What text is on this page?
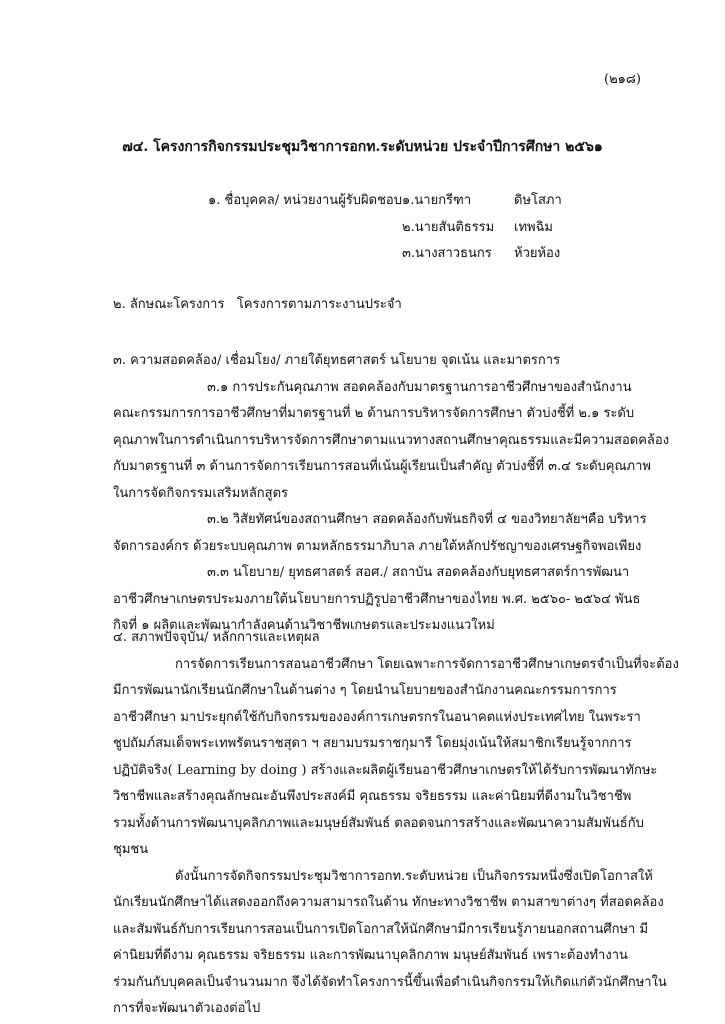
(๒๑๘)
๗๔. โครงการกิจกรรมประชุมวิชาการอกท.ระดับหน่วย ประจำปีการศึกษา ๒๕๖๑
๑. ชื่อบุคคล/ หน่วยงานผู้รับผิดชอบ ๑.นายกรีฑา	ดิษโสภา
๒.นายสันติธรรม	เทพฉิม
๓.นางสาวธนกร	ห้วยห้อง
๒. ลักษณะโครงการ โครงการตามภาระงานประจำ
๓. ความสอดคล้อง/ เชื่อมโยง/ ภายใต้ยุทธศาสตร์ นโยบาย จุดเน้น และมาตรการ
๓.๑ การประกันคุณภาพ สอดคล้องกับมาตรฐานการอาชีวศึกษาของสำนักงาน
คณะกรรมการการอาชีวศึกษาที่มาตรฐานที่ ๒ ด้านการบริหารจัดการศึกษา ตัวบ่งชี้ที่ ๒.๑ ระดับ
คุณภาพในการดำเนินการบริหารจัดการศึกษาตามแนวทางสถานศึกษาคุณธรรมและมีความสอดคล้อง
กับมาตรฐานที่ ๓ ด้านการจัดการเรียนการสอนที่เน้นผู้เรียนเป็นสำคัญ ตัวบ่งชี้ที่ ๓.๔ ระดับคุณภาพ
ในการจัดกิจกรรมเสริมหลักสูตร
๓.๒ วิสัยทัศน์ของสถานศึกษา สอดคล้องกับพันธกิจที่ ๔ ของวิทยาลัยฯคือ บริหาร
จัดการองค์กร ด้วยระบบคุณภาพ ตามหลักธรรมาภิบาล ภายใต้หลักปรัชญาของเศรษฐกิจพอเพียง
๓.๓ นโยบาย/ ยุทธศาสตร์ สอศ./ สถาบัน สอดคล้องกับยุทธศาสตร์การพัฒนา
อาชีวศึกษาเกษตรประมงภายใต้นโยบายการปฏิรูปอาชีวศึกษาของไทย พ.ศ. ๒๕๖๐- ๒๕๖๔ พันธ
กิจที่ ๑ ผลิตและพัฒนากำลังคนด้านวิชาชีพเกษตรและประมงแนวใหม่
๔. สภาพปัจจุบัน/ หลักการและเหตุผล
การจัดการเรียนการสอนอาชีวศึกษา โดยเฉพาะการจัดการอาชีวศึกษาเกษตรจำเป็นที่จะต้อง
มีการพัฒนานักเรียนนักศึกษาในด้านต่าง ๆ โดยนำนโยบายของสำนักงานคณะกรรมการการ
อาชีวศึกษา มาประยุกต์ใช้กับกิจกรรมขององค์การเกษตรกรในอนาคตแห่งประเทศไทย ในพระรา
ชูปถัมภ์สมเด็จพระเทพรัตนราชสุดา ฯ สยามบรมราชกุมารี โดยมุ่งเน้นให้สมาชิกเรียนรู้จากการ
ปฏิบัติจริง( Learning by doing ) สร้างและผลิตผู้เรียนอาชีวศึกษาเกษตรให้ได้รับการพัฒนาทักษะ
วิชาชีพและสร้างคุณลักษณะอันพึงประสงค์มี คุณธรรม จริยธรรม และค่านิยมที่ดีงามในวิชาชีพ
รวมทั้งด้านการพัฒนาบุคลิกภาพและมนุษย์สัมพันธ์ ตลอดจนการสร้างและพัฒนาความสัมพันธ์กับ
ชุมชน
ดังนั้นการจัดกิจกรรมประชุมวิชาการอกท.ระดับหน่วย เป็นกิจกรรมหนึ่งซึ่งเปิดโอกาสให้
นักเรียนนักศึกษาได้แสดงออกถึงความสามารถในด้าน ทักษะทางวิชาชีพ ตามสาขาต่างๆ ที่สอดคล้อง
และสัมพันธ์กับการเรียนการสอนเป็นการเปิดโอกาสให้นักศึกษามีการเรียนรู้ภายนอกสถานศึกษา มี
ค่านิยมที่ดีงาม คุณธรรม จริยธรรม และการพัฒนาบุคลิกภาพ มนุษย์สัมพันธ์ เพราะต้องทำงาน
ร่วมกันกับบุคคลเป็นจำนวนมาก จึงได้จัดทำโครงการนี้ขึ้นเพื่อดำเนินกิจกรรมให้เกิดแก่ตัวนักศึกษาใน
การที่จะพัฒนาตัวเองต่อไป
